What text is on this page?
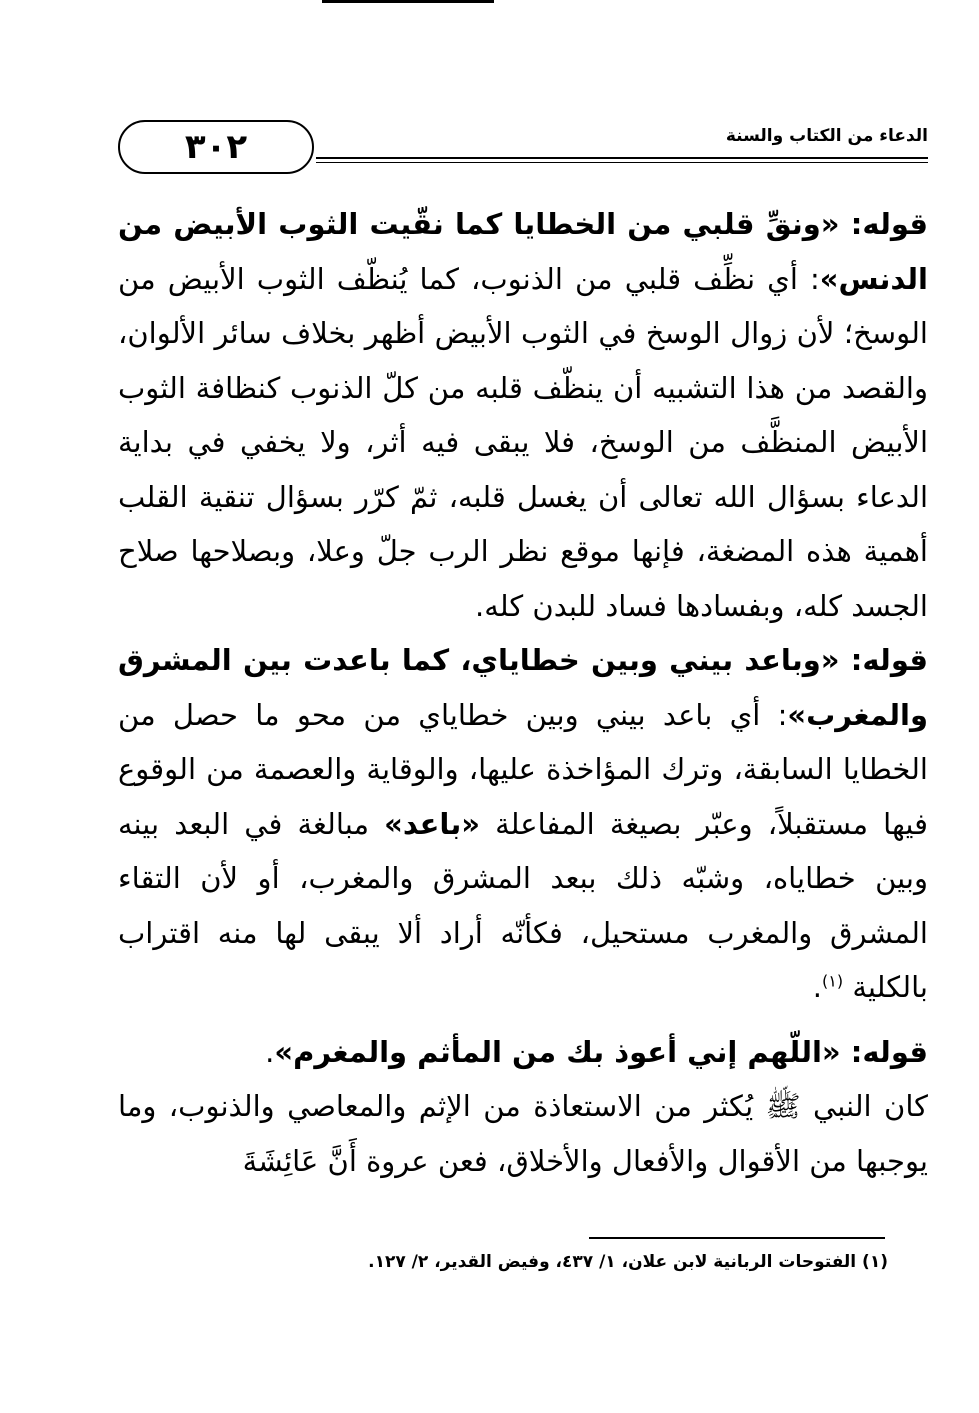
٣٠٢	الدعاء من الكتاب والسنة

قوله: «ونقِّ قلبي من الخطايا كما نقّيت الثوب الأبيض من الدنس»: أي نظِّف قلبي من الذنوب، كما يُنظّف الثوب الأبيض من الوسخ؛ لأن زوال الوسخ في الثوب الأبيض أظهر بخلاف سائر الألوان، والقصد من هذا التشبيه أن ينظّف قلبه من كلّ الذنوب كنظافة الثوب الأبيض المنظَّف من الوسخ، فلا يبقى فيه أثر، ولا يخفي في بداية الدعاء بسؤال الله تعالى أن يغسل قلبه، ثمّ كرّر بسؤال تنقية القلب أهمية هذه المضغة، فإنها موقع نظر الرب جلّ وعلا، وبصلاحها صلاح الجسد كله، وبفسادها فساد للبدن كله.

قوله: «وباعد بيني وبين خطاياي، كما باعدت بين المشرق والمغرب»: أي باعد بيني وبين خطاياي من محو ما حصل من الخطايا السابقة، وترك المؤاخذة عليها، والوقاية والعصمة من الوقوع فيها مستقبلاً، وعبّر بصيغة المفاعلة «باعد» مبالغة في البعد بينه وبين خطاياه، وشبّه ذلك ببعد المشرق والمغرب، أو لأن التقاء المشرق والمغرب مستحيل، فكأنّه أراد ألا يبقى لها منه اقتراب بالكلية $^{(١)}$.

قوله: «اللّهم إني أعوذ بك من المأثم والمغرم».

كان النبي ﷺ يُكثر من الاستعاذة من الإثم والمعاصي والذنوب، وما يوجبها من الأقوال والأفعال والأخلاق، فعن عروة أَنَّ عَائِشَةَ

(١) الفتوحات الربانية لابن علان، ١/ ٤٣٧، وفيض القدير، ٢/ ١٢٧.
